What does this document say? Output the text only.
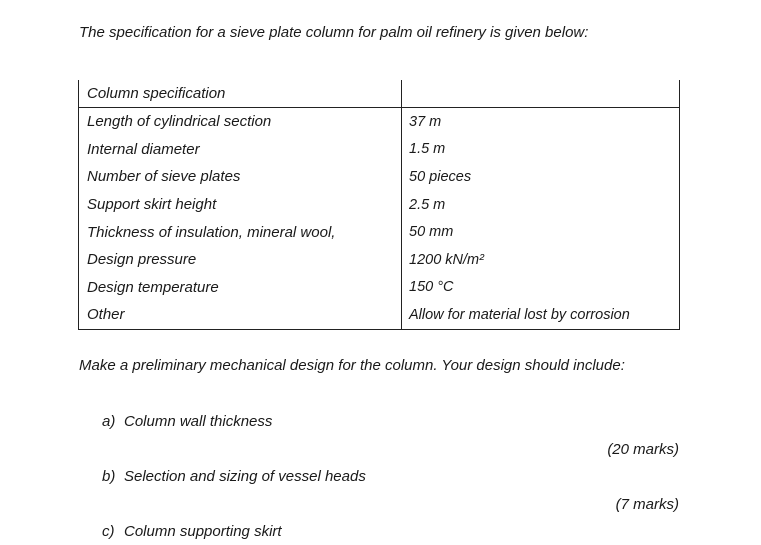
The specification for a sieve plate column for palm oil refinery is given below:

Column specification	
Length of cylindrical section	37 m
Internal diameter	1.5 m
Number of sieve plates	50 pieces
Support skirt height	2.5 m
Thickness of insulation, mineral wool,	50 mm
Design pressure	1200 kN/m²
Design temperature	150 °C
Other	Allow for material lost by corrosion

Make a preliminary mechanical design for the column. Your design should include:

a) Column wall thickness
(20 marks)
b) Selection and sizing of vessel heads
(7 marks)
c) Column supporting skirt
